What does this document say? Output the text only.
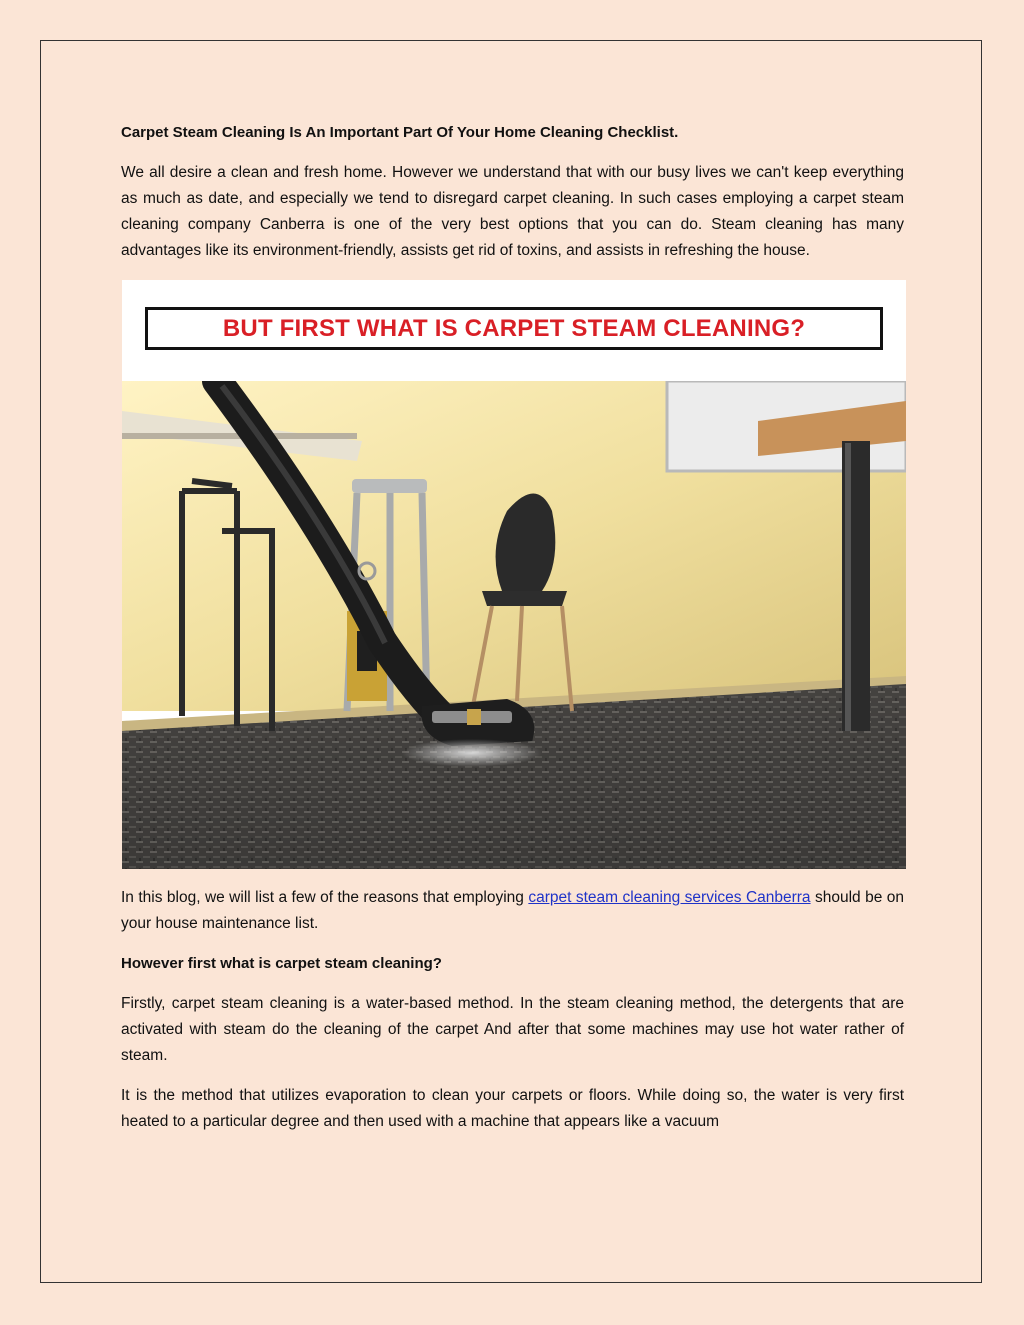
Carpet Steam Cleaning Is An Important Part Of Your Home Cleaning Checklist.

We all desire a clean and fresh home. However we understand that with our busy lives we can't keep everything as much as date, and especially we tend to disregard carpet cleaning. In such cases employing a carpet steam cleaning company Canberra is one of the very best options that you can do. Steam cleaning has many advantages like its environment-friendly, assists get rid of toxins, and assists in refreshing the house.

BUT FIRST WHAT IS CARPET STEAM CLEANING?

In this blog, we will list a few of the reasons that employing carpet steam cleaning services Canberra should be on your house maintenance list.

However first what is carpet steam cleaning?

Firstly, carpet steam cleaning is a water-based method. In the steam cleaning method, the detergents that are activated with steam do the cleaning of the carpet And after that some machines may use hot water rather of steam.

It is the method that utilizes evaporation to clean your carpets or floors. While doing so, the water is very first heated to a particular degree and then used with a machine that appears like a vacuum
